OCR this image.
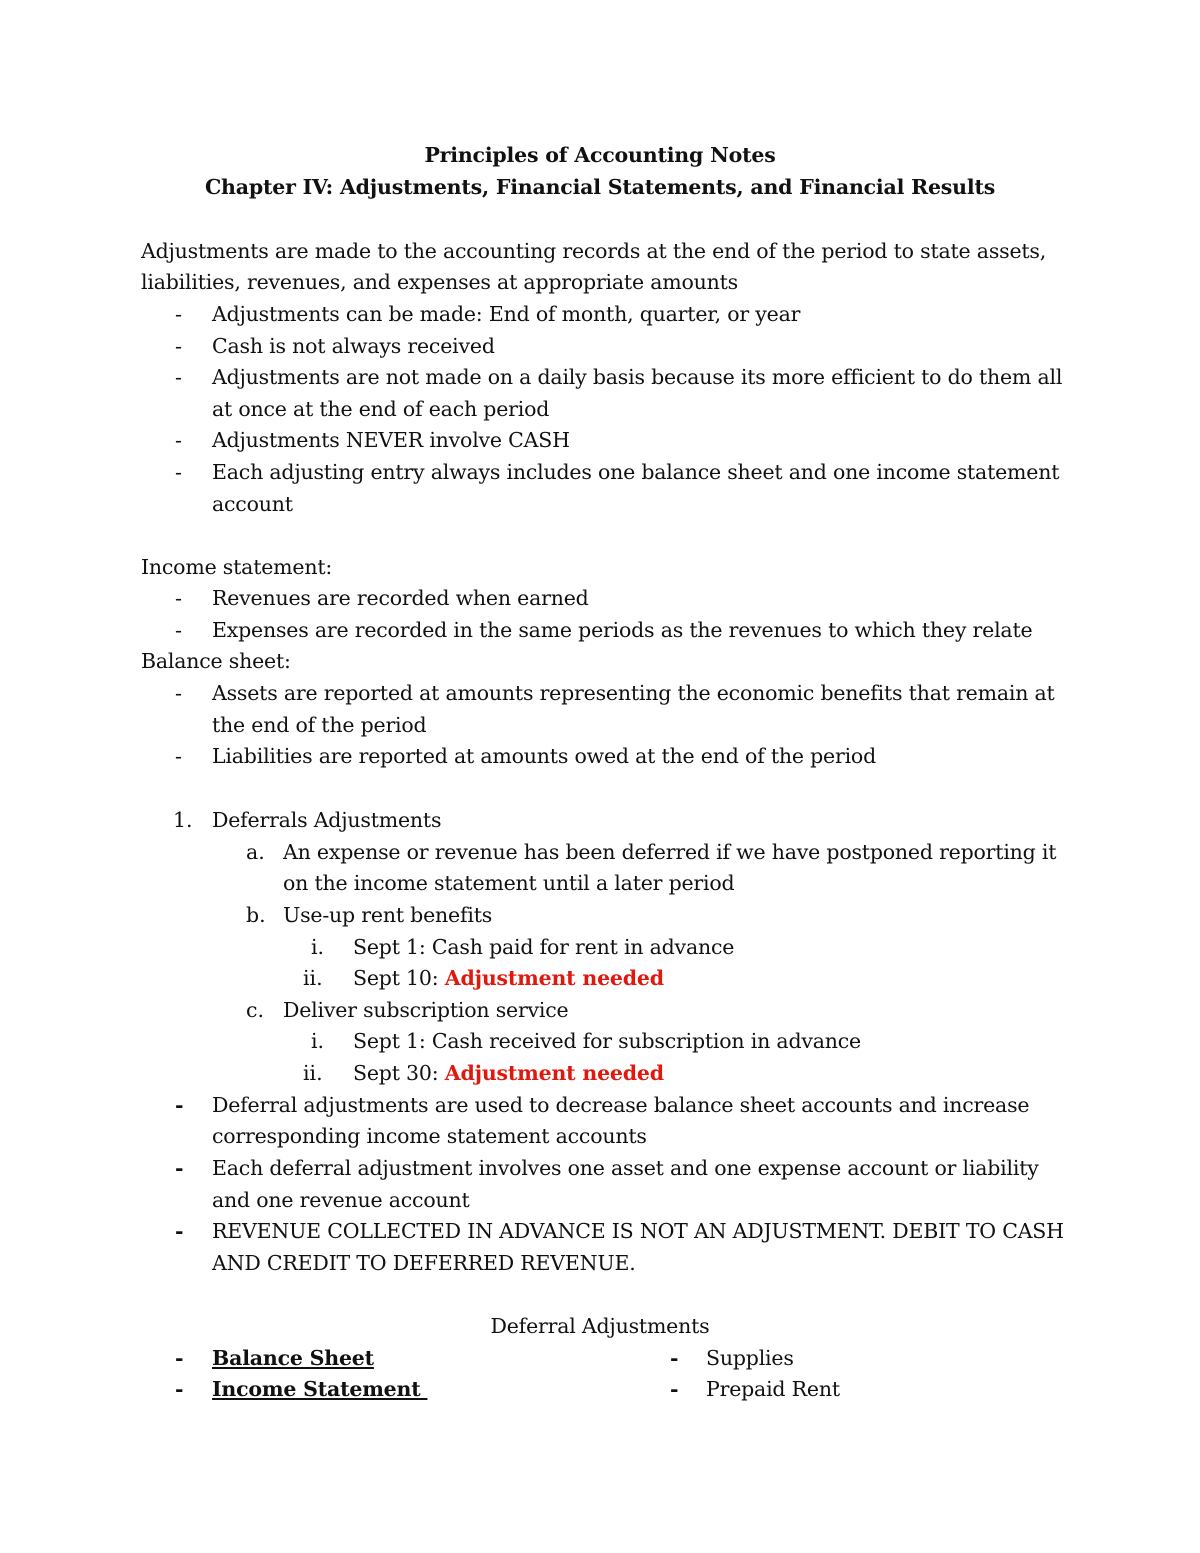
Principles of Accounting Notes
Chapter IV: Adjustments, Financial Statements, and Financial Results
Adjustments are made to the accounting records at the end of the period to state assets,
liabilities, revenues, and expenses at appropriate amounts
- Adjustments can be made: End of month, quarter, or year
- Cash is not always received
- Adjustments are not made on a daily basis because its more efficient to do them all
at once at the end of each period
- Adjustments NEVER involve CASH
- Each adjusting entry always includes one balance sheet and one income statement
account
Income statement:
- Revenues are recorded when earned
- Expenses are recorded in the same periods as the revenues to which they relate
Balance sheet:
- Assets are reported at amounts representing the economic benefits that remain at
the end of the period
- Liabilities are reported at amounts owed at the end of the period
1. Deferrals Adjustments
a. An expense or revenue has been deferred if we have postponed reporting it
on the income statement until a later period
b. Use-up rent benefits
i. Sept 1: Cash paid for rent in advance
ii. Sept 10: Adjustment needed
c. Deliver subscription service
i. Sept 1: Cash received for subscription in advance
ii. Sept 30: Adjustment needed
- Deferral adjustments are used to decrease balance sheet accounts and increase
corresponding income statement accounts
- Each deferral adjustment involves one asset and one expense account or liability
and one revenue account
- REVENUE COLLECTED IN ADVANCE IS NOT AN ADJUSTMENT. DEBIT TO CASH
AND CREDIT TO DEFERRED REVENUE.
Deferral Adjustments
- Balance Sheet	- Supplies
- Income Statement	- Prepaid Rent
